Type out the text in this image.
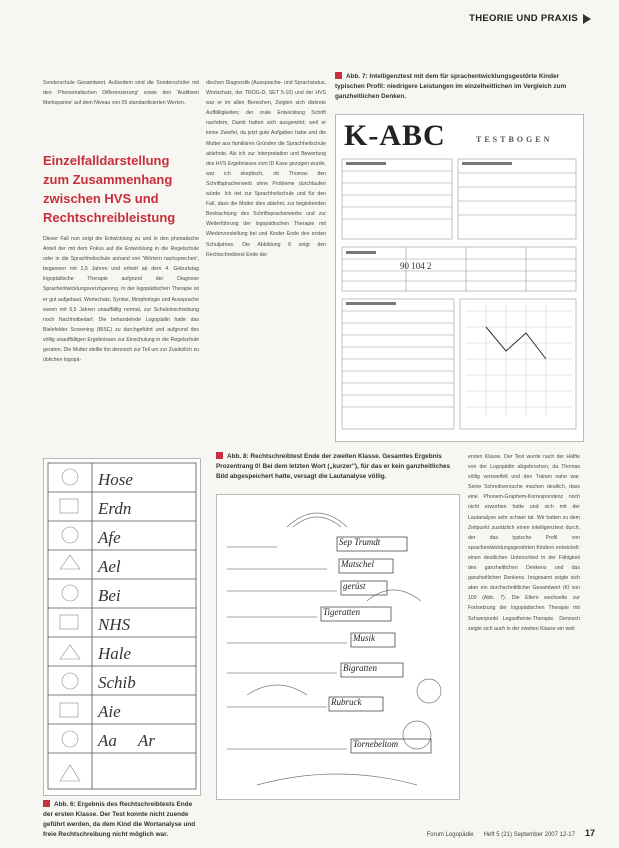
THEORIE UND PRAXIS

Sonderschule Gesamtwert. Außerdem sind die Sonderschüler mit den 'Phonematischen Differenzierung' sowie den 'Auditiven Merkspanne' auf dem Niveau von 05 standardisierten Werten.

Einzelfalldarstellung zum Zusammenhang zwischen HVS und Rechtschreibleistung

Dieser Fall nun zeigt die Entwicklung zu und in den phonatische Anteil der mit dem Fokus auf die Entwicklung in die Regelschule oder in die Sprachheilschule anhand von 'Wörtern nachsprechen', begannen mit 2,5 Jahren und erhielt ab dem 4. Geburtstag logopädische Therapie aufgrund der Diagnose Sprachentwicklungsverzögerung. In der logopädischen Therapie ist er gut aufgebaut, Wortschatz, Syntax, Morphologie und Aussprache waren mit 6,5 Jahren unauffällig normal, zur Schuleinschreibung noch Nachholbedarf. Die behandelnde Logopädin hatte das Bielefelder Screening (BISC) zu durchgeführt und aufgrund des völlig unauffälligen Ergebnisses zur Einschulung in die Regelschule geraten. Die Mutter stellte ihn dennoch zur Teil um zur Zusätzlich zu üblichen logopä-

dischen Diagnostik (Aussprache- und Sprachstatus, Wortschatz, der TROG-D, SET 5-10) und der HVS war er im allen Bereichen, Zeigten sich diskrete Auffälligkeiten; der orale Entwicklung Schrift nachdem, Damit hatten sich ausgewirkt; weil er keine Zweifel, da jetzt gute Aufgaben habe und die Mutter aus familiären Gründen die Sprachheilschule ablehnte. Als ich zur Interpretation und Bewertung des HVS Ergebnisses vom ID Kase gezogen wurde, war ich skeptisch, ob Thomas den Schriftspracherwerb ohne Probleme durchlaufen würde. Ich riet zur Sprachheilschule und für den Fall, dass die Mutter dies ablehnt, zur begleitenden Beobachtung des Schriftspracherwerbs und zur Weiterführung der logopädischen Therapie mit Wiedervorstellung bei und Kinder Ende des ersten Schuljahres. Die Abbildung 6 zeigt den Rechtschreibtest Ende der

Abb. 7: Intelligenztest mit dem für sprachentwicklungsgestörte Kinder typischen Profil: niedrigere Leistungen im einzelheitlichen im Vergleich zum ganzheitlichen Denken.
K-ABC	TESTBOGEN
90 104 2
Hose
Erdn
Afe
Ael
Bei
NHS
Hale
Schib
Aie
Aa	Ar
Abb. 6: Ergebnis des Rechtschreibtests Ende der ersten Klasse. Der Test konnte nicht zuende geführt werden, da dem Kind die Wortanalyse und freie Rechtschreibung nicht möglich war.
Abb. 8: Rechtschreibtest Ende der zweiten Klasse. Gesamtes Ergebnis Prozentrang 0! Bei dem letzten Wort („kurzer"), für das er kein ganzheitliches Bild abgespeichert hatte, versagt die Lautanalyse völlig.
Sep Trumdt
Matschel
gerüst
Tigeratten
Musik
Bigratten
Rubruck
Tornebeltom

ersten Klasse. Der Test wurde nach der Hälfte von der Logopädin abgebrochen, da Thomas völlig verzweifelt und den Tränen nahe war. Seine Schreibversuche machen deutlich, dass eine Phonem-Graphem-Korrespondenz noch nicht erworben hatte und sich mit der Lautanalyse sehr schwer tat. Wir hatten zu dem Zeitpunkt zusätzlich einen intelligenztest durch, der das typische Profil von sprachentwicklungsgestörten Kindern entwickelt: einen deutlichen Unterschied in der Fähigkeit des ganzheitlichen Denkens und das ganzheitlichen Denkens. Insgesamt zeigte sich aber ein durchschnittlicher Gesamtwert (KI von 100 (Abb. 7). Die Eltern wechselte zur Fortsetzung der logopädischen Therapie mit Schwerpunkt Legasthenie-Therapie. Dennoch zeigte sich auch in der zweiten Klasse ein weit

Forum Logopädie Heft 5 (21) September 2007 12-17 17
